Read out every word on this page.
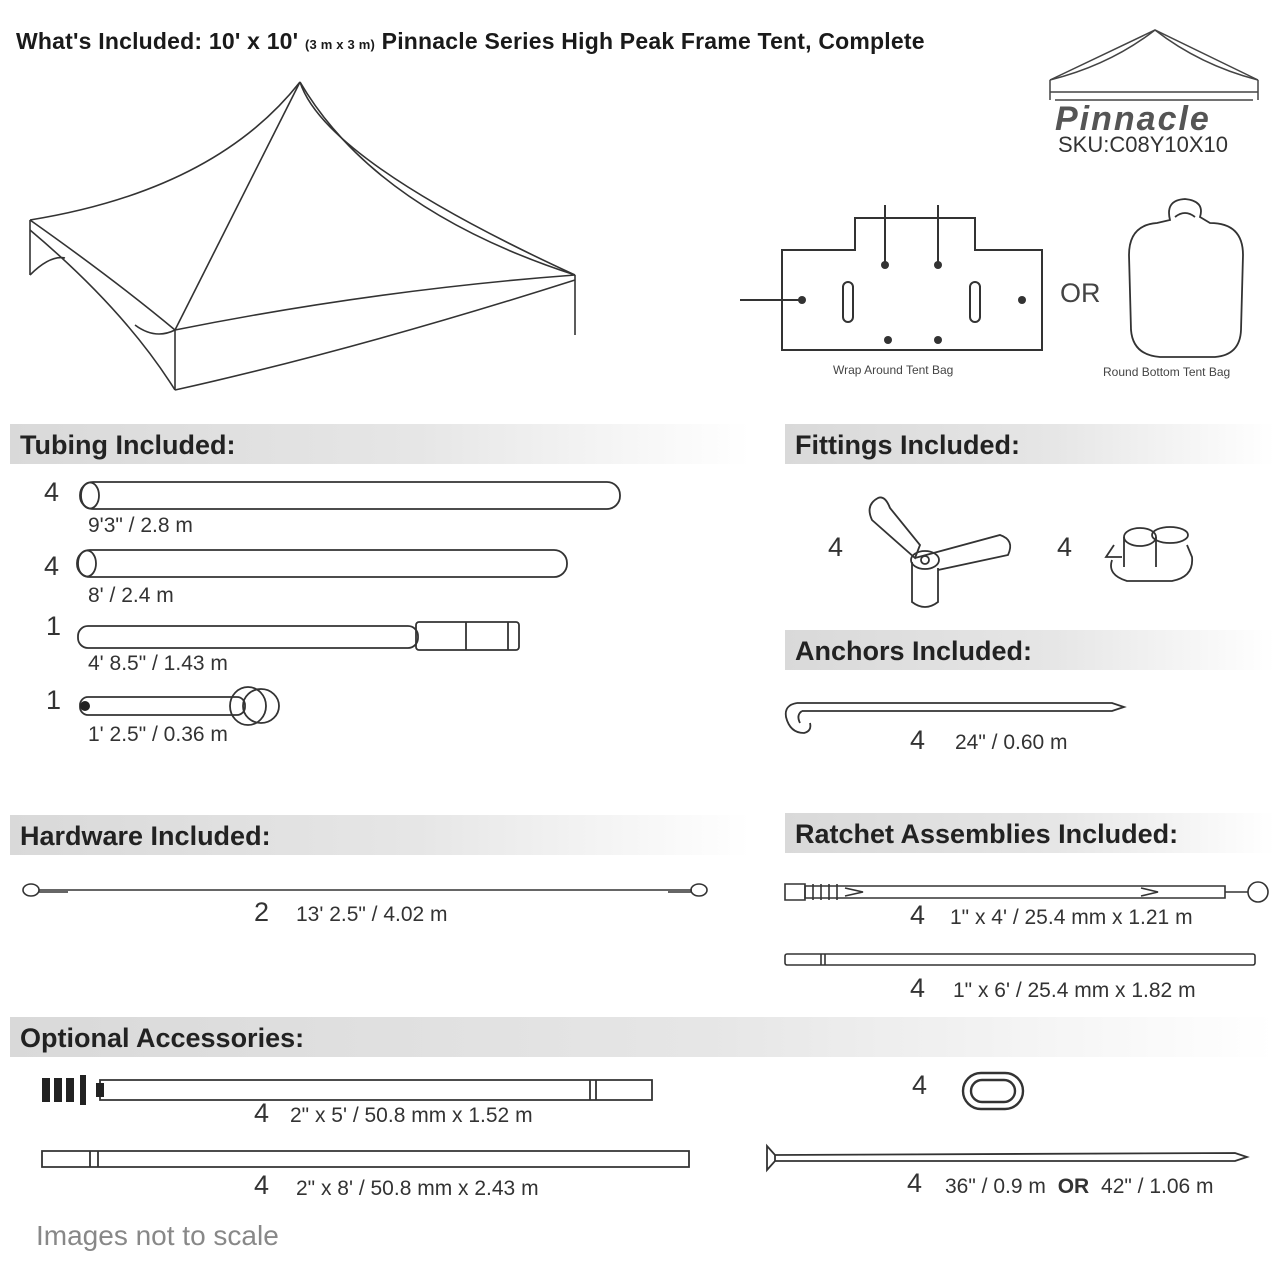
What's Included: 10' x 10' (3 m x 3 m) Pinnacle Series High Peak Frame Tent, Complete
Pinnacle
SKU:C08Y10X10
Wrap Around Tent Bag
OR
Round Bottom Tent Bag
Tubing Included:	Fittings Included:
Anchors Included:
Hardware Included:	Ratchet Assemblies Included:
Optional Accessories:
4
9'3" / 2.8 m
4
8' / 2.4 m
1
4' 8.5" / 1.43 m
1
1' 2.5" / 0.36 m
4	4
4 24" / 0.60 m
2 13' 2.5" / 4.02 m	4 1" x 4' / 25.4 mm x 1.21 m
4 1" x 6' / 25.4 mm x 1.82 m
4 2" x 5' / 50.8 mm x 1.52 m
4 2" x 8' / 50.8 mm x 2.43 m
4
4 36" / 0.9 m OR 42" / 1.06 m
Images not to scale
